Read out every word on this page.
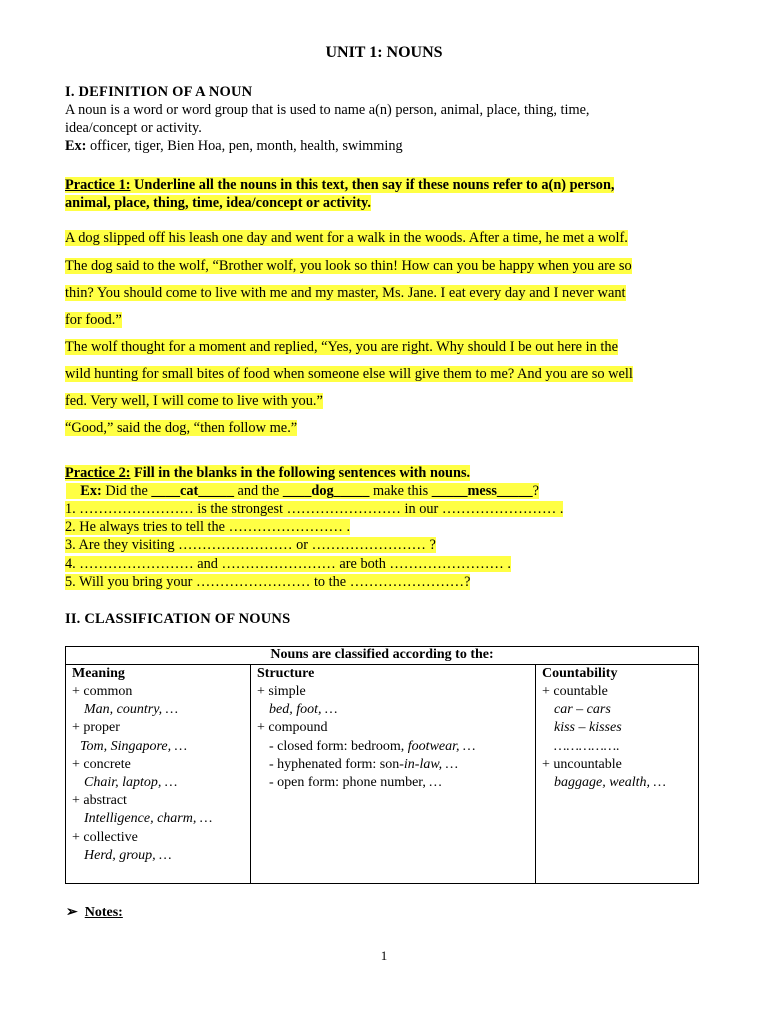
UNIT 1: NOUNS
I. DEFINITION OF A NOUN
A noun is a word or word group that is used to name a(n) person, animal, place, thing, time,
idea/concept or activity.
Ex: officer, tiger, Bien Hoa, pen, month, health, swimming
Practice 1: Underline all the nouns in this text, then say if these nouns refer to a(n) person,
animal, place, thing, time, idea/concept or activity.
A dog slipped off his leash one day and went for a walk in the woods. After a time, he met a wolf.
The dog said to the wolf, “Brother wolf, you look so thin! How can you be happy when you are so
thin? You should come to live with me and my master, Ms. Jane. I eat every day and I never want
for food.”
The wolf thought for a moment and replied, “Yes, you are right. Why should I be out here in the
wild hunting for small bites of food when someone else will give them to me? And you are so well
fed. Very well, I will come to live with you.”
“Good,” said the dog, “then follow me.”
Practice 2: Fill in the blanks in the following sentences with nouns.
Ex: Did the ____cat_____ and the ____dog_____ make this _____mess_____?
1. …………………… is the strongest …………………… in our …………………… .
2. He always tries to tell the …………………… .
3. Are they visiting …………………… or …………………… ?
4. …………………… and …………………… are both …………………… .
5. Will you bring your …………………… to the ……………………?
II. CLASSIFICATION OF NOUNS
Nouns are classified according to the:

Meaning
+ common
Man, country, …
+ proper
Tom, Singapore, …
+ concrete
Chair, laptop, …
+ abstract
Intelligence, charm, …
+ collective
Herd, group, …

Structure
+ simple
bed, foot, …
+ compound
- closed form: bedroom, footwear, …
- hyphenated form: son-in-law, …
- open form: phone number, …

Countability
+ countable
car – cars
kiss – kisses
…………….
+ uncountable
baggage, wealth, …
➢ Notes:
1
